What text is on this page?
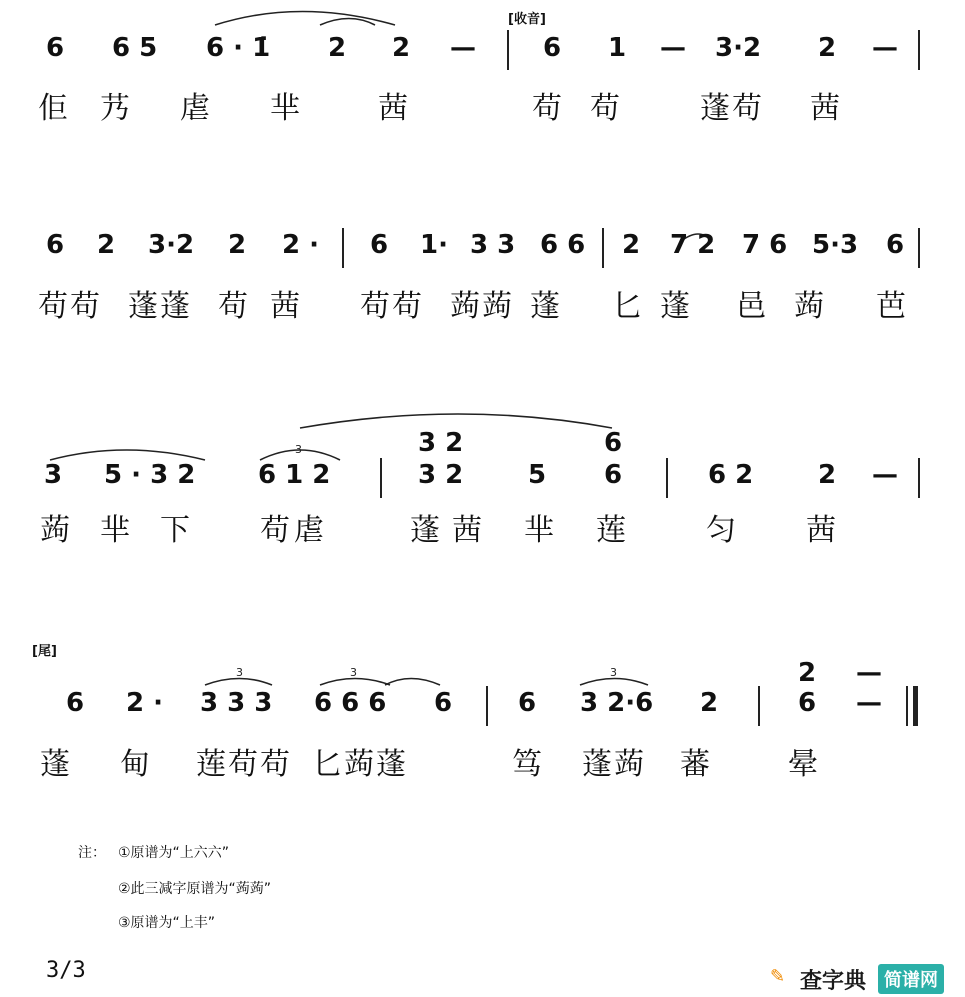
[收音]
3
3	3	3
6 6 5 6 · 1̇ 2 2 —	6 1 — 3·2 2 —
佢 艿 虐 芈	茜	苟 苟	蓬苟 茜
6 2 3·2 2 2 · 6 1· 3 3 6 6 2 7 2 7 6 5·3 6
苟苟 蓬蓬 苟 茜 苟苟 蒟蒟 蓬 匕 蓬 邑 蒟 芭
3 5 · 3 2 6 1 2
3 2
3 2 5
6
6	6 2 2 —
蒟 芈 下 苟 虐	蓬 茜 芈 莲	匀 茜
[尾]
6 2 · 3 3 3 6 6 6 6	6 3 2·6 2
2
6
—
—
蓬 甸 莲苟苟 匕蒟蓬	笃 蓬蒟 蕃	晕
注： ①原谱为“上六六”
②此三减字原谱为“蒟蒟”
③原谱为“上丰”
3/3	✎ 查字典 简谱网
